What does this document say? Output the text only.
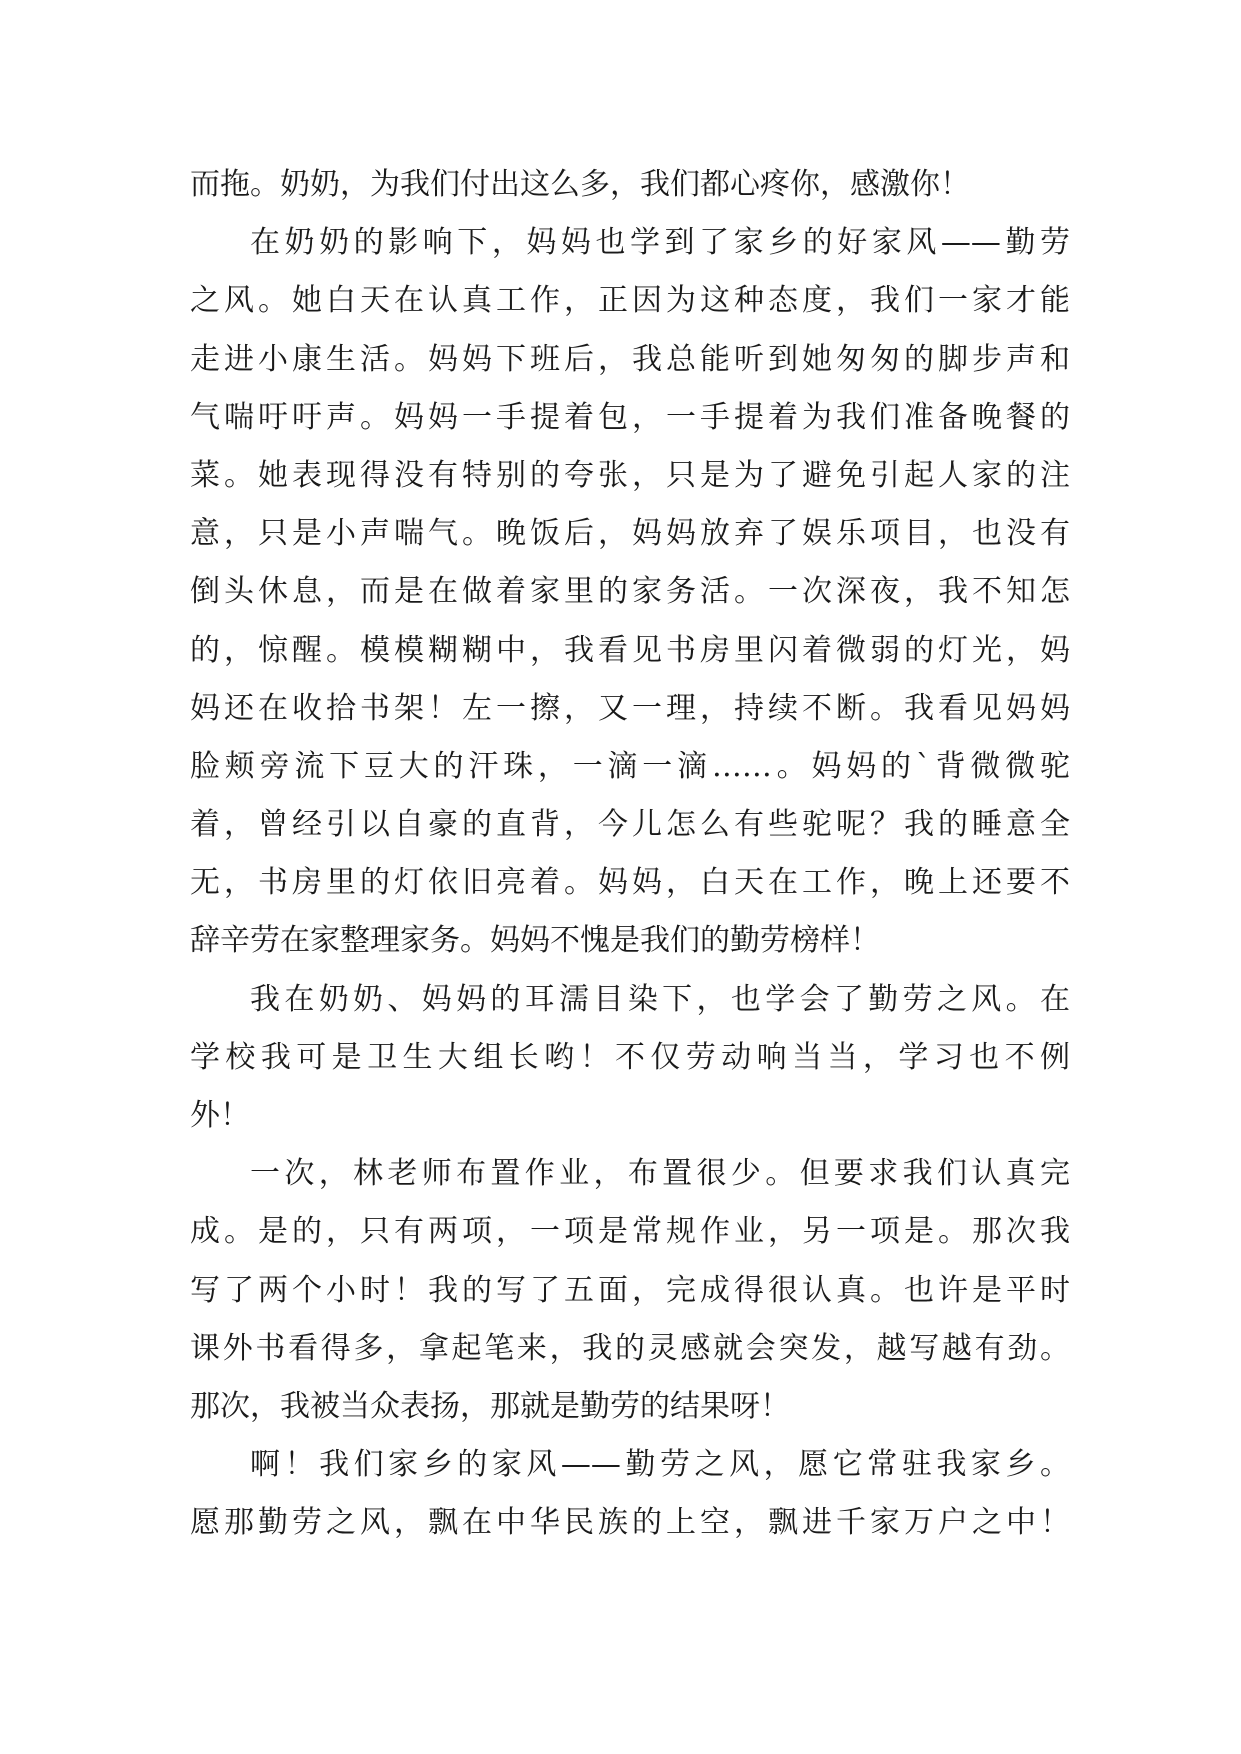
而拖。奶奶，为我们付出这么多，我们都心疼你，感激你！
在奶奶的影响下，妈妈也学到了家乡的好家风——勤劳
之风。她白天在认真工作，正因为这种态度，我们一家才能
走进小康生活。妈妈下班后，我总能听到她匆匆的脚步声和
气喘吁吁声。妈妈一手提着包，一手提着为我们准备晚餐的
菜。她表现得没有特别的夸张，只是为了避免引起人家的注
意，只是小声喘气。晚饭后，妈妈放弃了娱乐项目，也没有
倒头休息，而是在做着家里的家务活。一次深夜，我不知怎
的，惊醒。模模糊糊中，我看见书房里闪着微弱的灯光，妈
妈还在收拾书架！左一擦，又一理，持续不断。我看见妈妈
脸颊旁流下豆大的汗珠，一滴一滴……。妈妈的`背微微驼
着，曾经引以自豪的直背，今儿怎么有些驼呢？我的睡意全
无，书房里的灯依旧亮着。妈妈，白天在工作，晚上还要不
辞辛劳在家整理家务。妈妈不愧是我们的勤劳榜样！
我在奶奶、妈妈的耳濡目染下，也学会了勤劳之风。在
学校我可是卫生大组长哟！不仅劳动响当当，学习也不例
外！
一次，林老师布置作业，布置很少。但要求我们认真完
成。是的，只有两项，一项是常规作业，另一项是。那次我
写了两个小时！我的写了五面，完成得很认真。也许是平时
课外书看得多，拿起笔来，我的灵感就会突发，越写越有劲。
那次，我被当众表扬，那就是勤劳的结果呀！
啊！我们家乡的家风——勤劳之风，愿它常驻我家乡。
愿那勤劳之风，飘在中华民族的上空，飘进千家万户之中！
